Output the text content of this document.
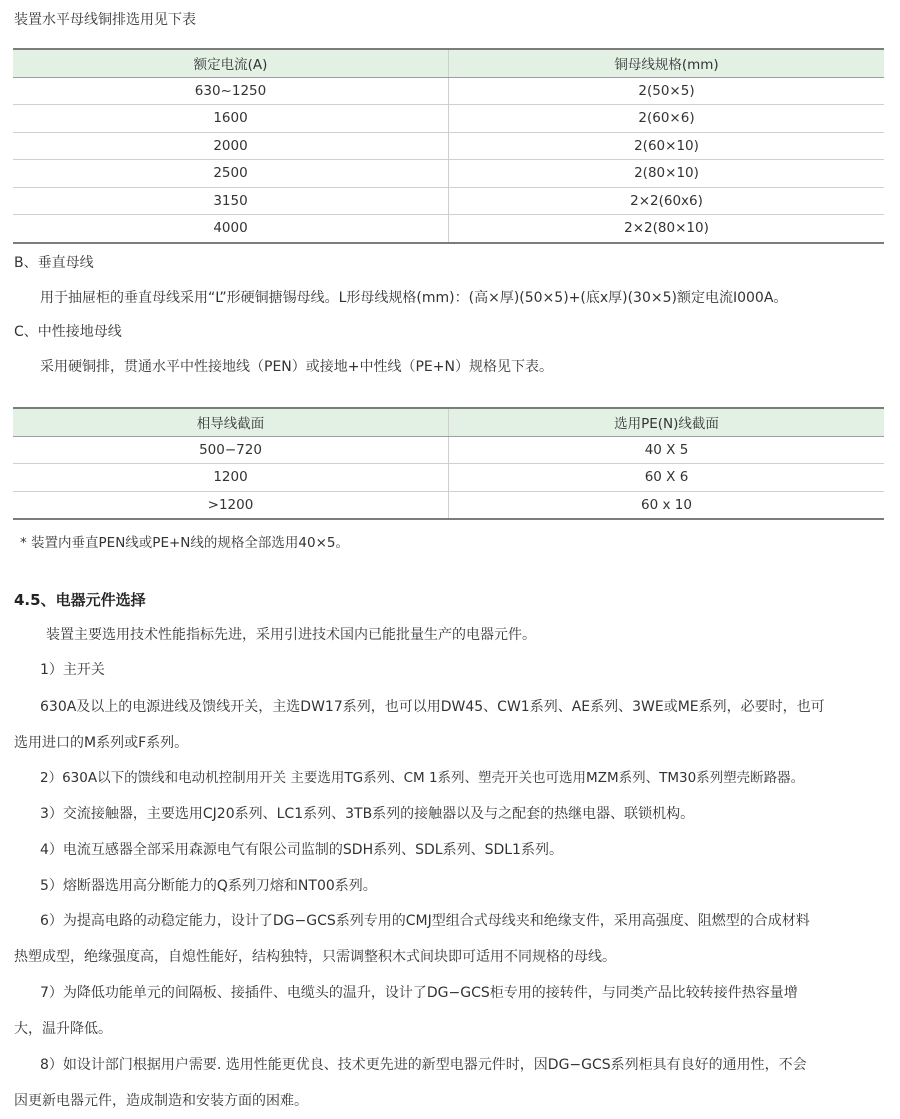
装置水平母线铜排选用见下表
额定电流(A)	铜母线规格(mm)
630~1250	2(50×5)
1600	2(60×6)
2000	2(60×10)
2500	2(80×10)
3150	2×2(60x6)
4000	2×2(80×10)
B、垂直母线
用于抽屉柜的垂直母线采用“L”形硬铜搪锡母线。L形母线规格(mm)：(高×厚)(50×5)+(底x厚)(30×5)额定电流I000A。
C、中性接地母线
采用硬铜排，贯通水平中性接地线（PEN）或接地+中性线（PE+N）规格见下表。
相导线截面	选用PE(N)线截面
500−720	40 X 5
1200	60 X 6
>1200	60 x 10
* 装置内垂直PEN线或PE+N线的规格全部选用40×5。
4.5、电器元件选择
装置主要选用技术性能指标先进，采用引进技术国内已能批量生产的电器元件。
1）主开关
630A及以上的电源进线及馈线开关，主选DW17系列，也可以用DW45、CW1系列、AE系列、3WE或ME系列，必要时，也可
选用进口的M系列或F系列。
2）630A以下的馈线和电动机控制用开关 主要选用TG系列、CM 1系列、塑壳开关也可选用MZM系列、TM30系列塑壳断路器。
3）交流接触器，主要选用CJ20系列、LC1系列、3TB系列的接触器以及与之配套的热继电器、联锁机构。
4）电流互感器全部采用森源电气有限公司监制的SDH系列、SDL系列、SDL1系列。
5）熔断器选用高分断能力的Q系列刀熔和NT00系列。
6）为提高电路的动稳定能力，设计了DG−GCS系列专用的CMJ型组合式母线夹和绝缘支件，采用高强度、阻燃型的合成材料
热塑成型，绝缘强度高，自熄性能好，结构独特，只需调整积木式间块即可适用不同规格的母线。
7）为降低功能单元的间隔板、接插件、电缆头的温升，设计了DG−GCS柜专用的接转件，与同类产品比较转接件热容量增
大，温升降低。
8）如设计部门根据用户需要. 选用性能更优良、技术更先进的新型电器元件时，因DG−GCS系列柜具有良好的通用性，不会
因更新电器元件，造成制造和安装方面的困难。
